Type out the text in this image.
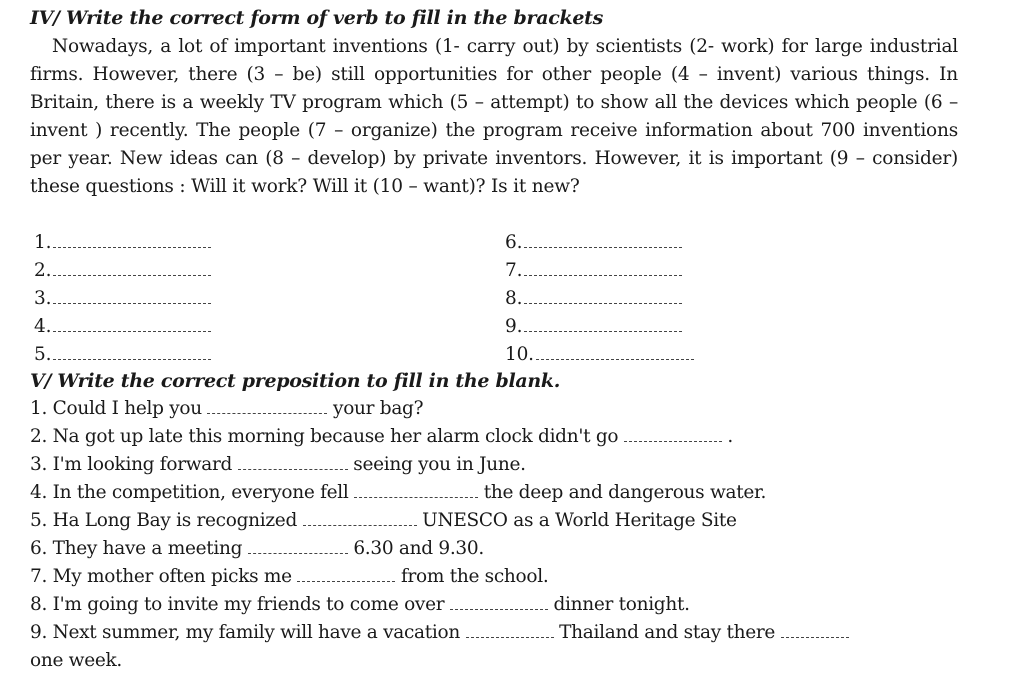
IV/ Write the correct form of verb to fill in the brackets
Nowadays, a lot of important inventions (1- carry out) by scientists (2- work) for large industrial firms. However, there (3 – be) still opportunities for other people (4 – invent) various things. In Britain, there is a weekly TV program which (5 – attempt) to show all the devices which people (6 – invent ) recently. The people (7 – organize) the program receive information about 700 inventions per year. New ideas can (8 – develop) by private inventors. However, it is important (9 – consider) these questions : Will it work? Will it (10 – want)? Is it new?
1.
2.
3.
4.
5.
6.
7.
8.
9.
10.
V/ Write the correct preposition to fill in the blank.
1. Could I help you	your bag?
2. Na got up late this morning because her alarm clock didn't go	.
3. I'm looking forward	seeing you in June.
4. In the competition, everyone fell	the deep and dangerous water.
5. Ha Long Bay is recognized	UNESCO as a World Heritage Site
6. They have a meeting	6.30 and 9.30.
7. My mother often picks me	from the school.
8. I'm going to invite my friends to come over	dinner tonight.
9. Next summer, my family will have a vacation	Thailand and stay there
one week.
